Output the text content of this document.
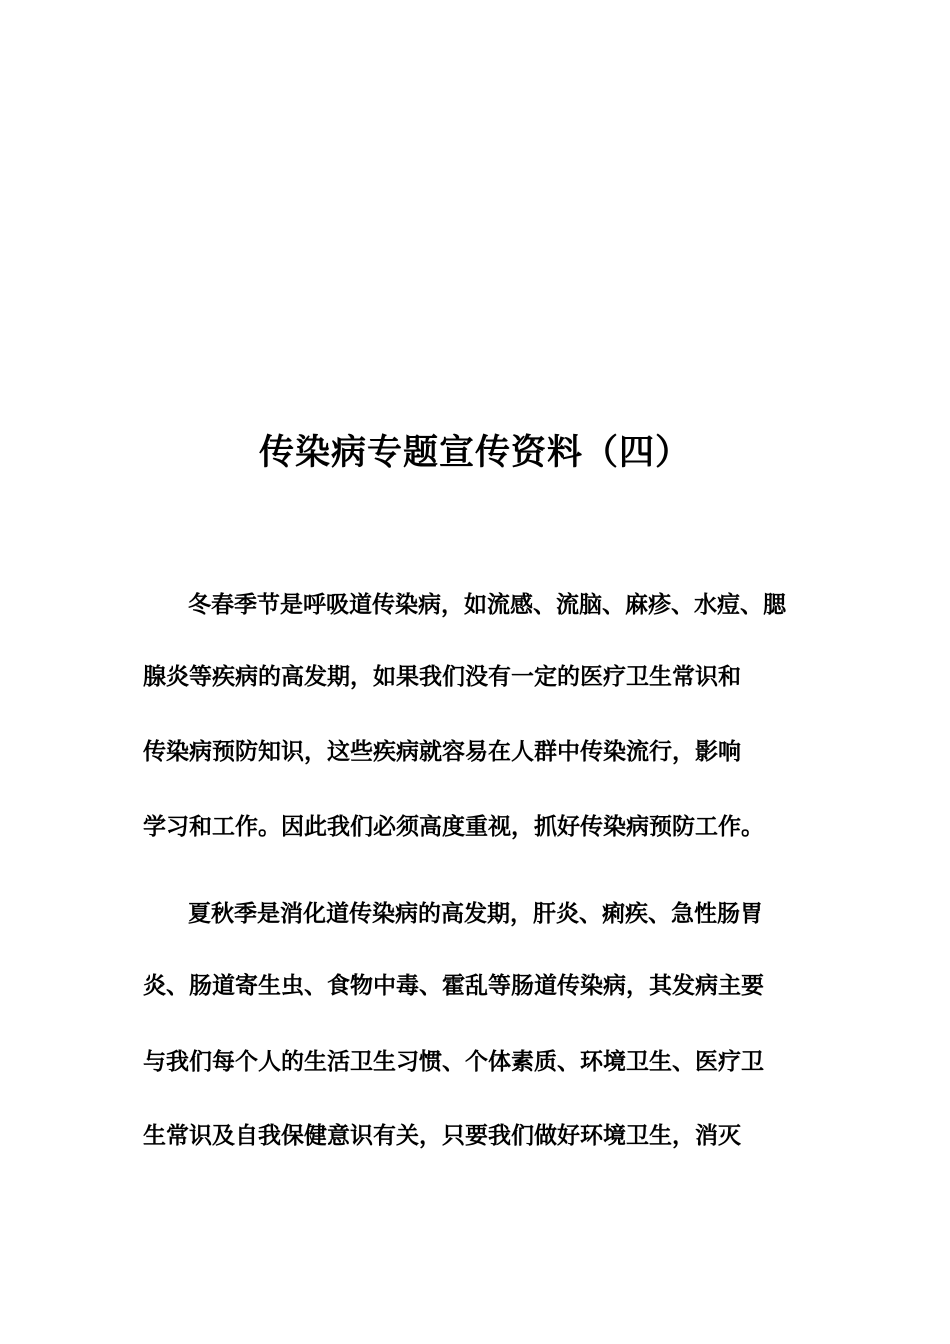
传染病专题宣传资料（四）
冬春季节是呼吸道传染病，如流感、流脑、麻疹、水痘、腮
腺炎等疾病的高发期，如果我们没有一定的医疗卫生常识和
传染病预防知识，这些疾病就容易在人群中传染流行，影响
学习和工作。因此我们必须高度重视，抓好传染病预防工作。
夏秋季是消化道传染病的高发期，肝炎、痢疾、急性肠胃
炎、肠道寄生虫、食物中毒、霍乱等肠道传染病，其发病主要
与我们每个人的生活卫生习惯、个体素质、环境卫生、医疗卫
生常识及自我保健意识有关，只要我们做好环境卫生，消灭
